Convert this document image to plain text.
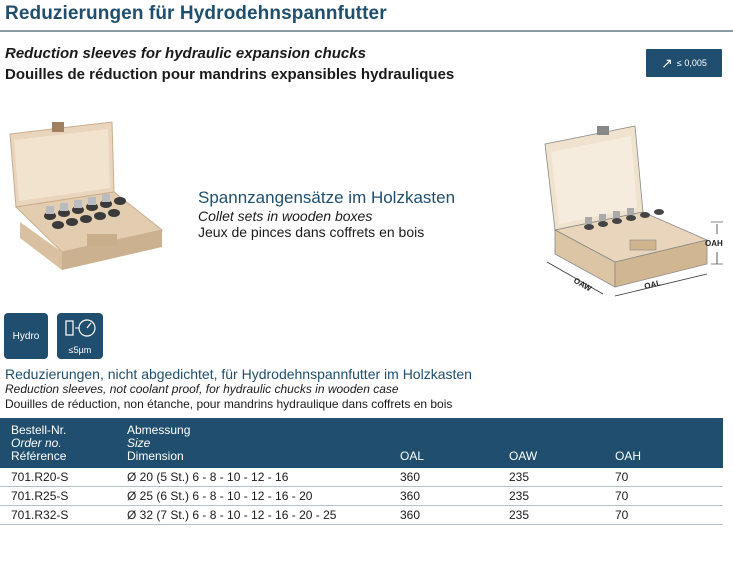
Reduzierungen für Hydrodehnspannfutter
Reduction sleeves for hydraulic expansion chucks
Douilles de réduction pour mandrins expansibles hydrauliques
↗ ≤ 0,005
Spannzangensätze im Holzkasten
Collet sets in wooden boxes
Jeux de pinces dans coffrets en bois
OAH
OAW	OAL
Hydro
≤5µm
Reduzierungen, nicht abgedichtet, für Hydrodehnspannfutter im Holzkasten
Reduction sleeves, not coolant proof, for hydraulic chucks in wooden case
Douilles de réduction, non étanche, pour mandrins hydraulique dans coffrets en bois
Bestell-Nr.
Order no.
Référence
Abmessung
Size
Dimension	OAL	OAW	OAH
701.R20-S	Ø 20 (5 St.) 6 - 8 - 10 - 12 - 16	360	235	70
701.R25-S	Ø 25 (6 St.) 6 - 8 - 10 - 12 - 16 - 20	360	235	70
701.R32-S	Ø 32 (7 St.) 6 - 8 - 10 - 12 - 16 - 20 - 25	360	235	70
